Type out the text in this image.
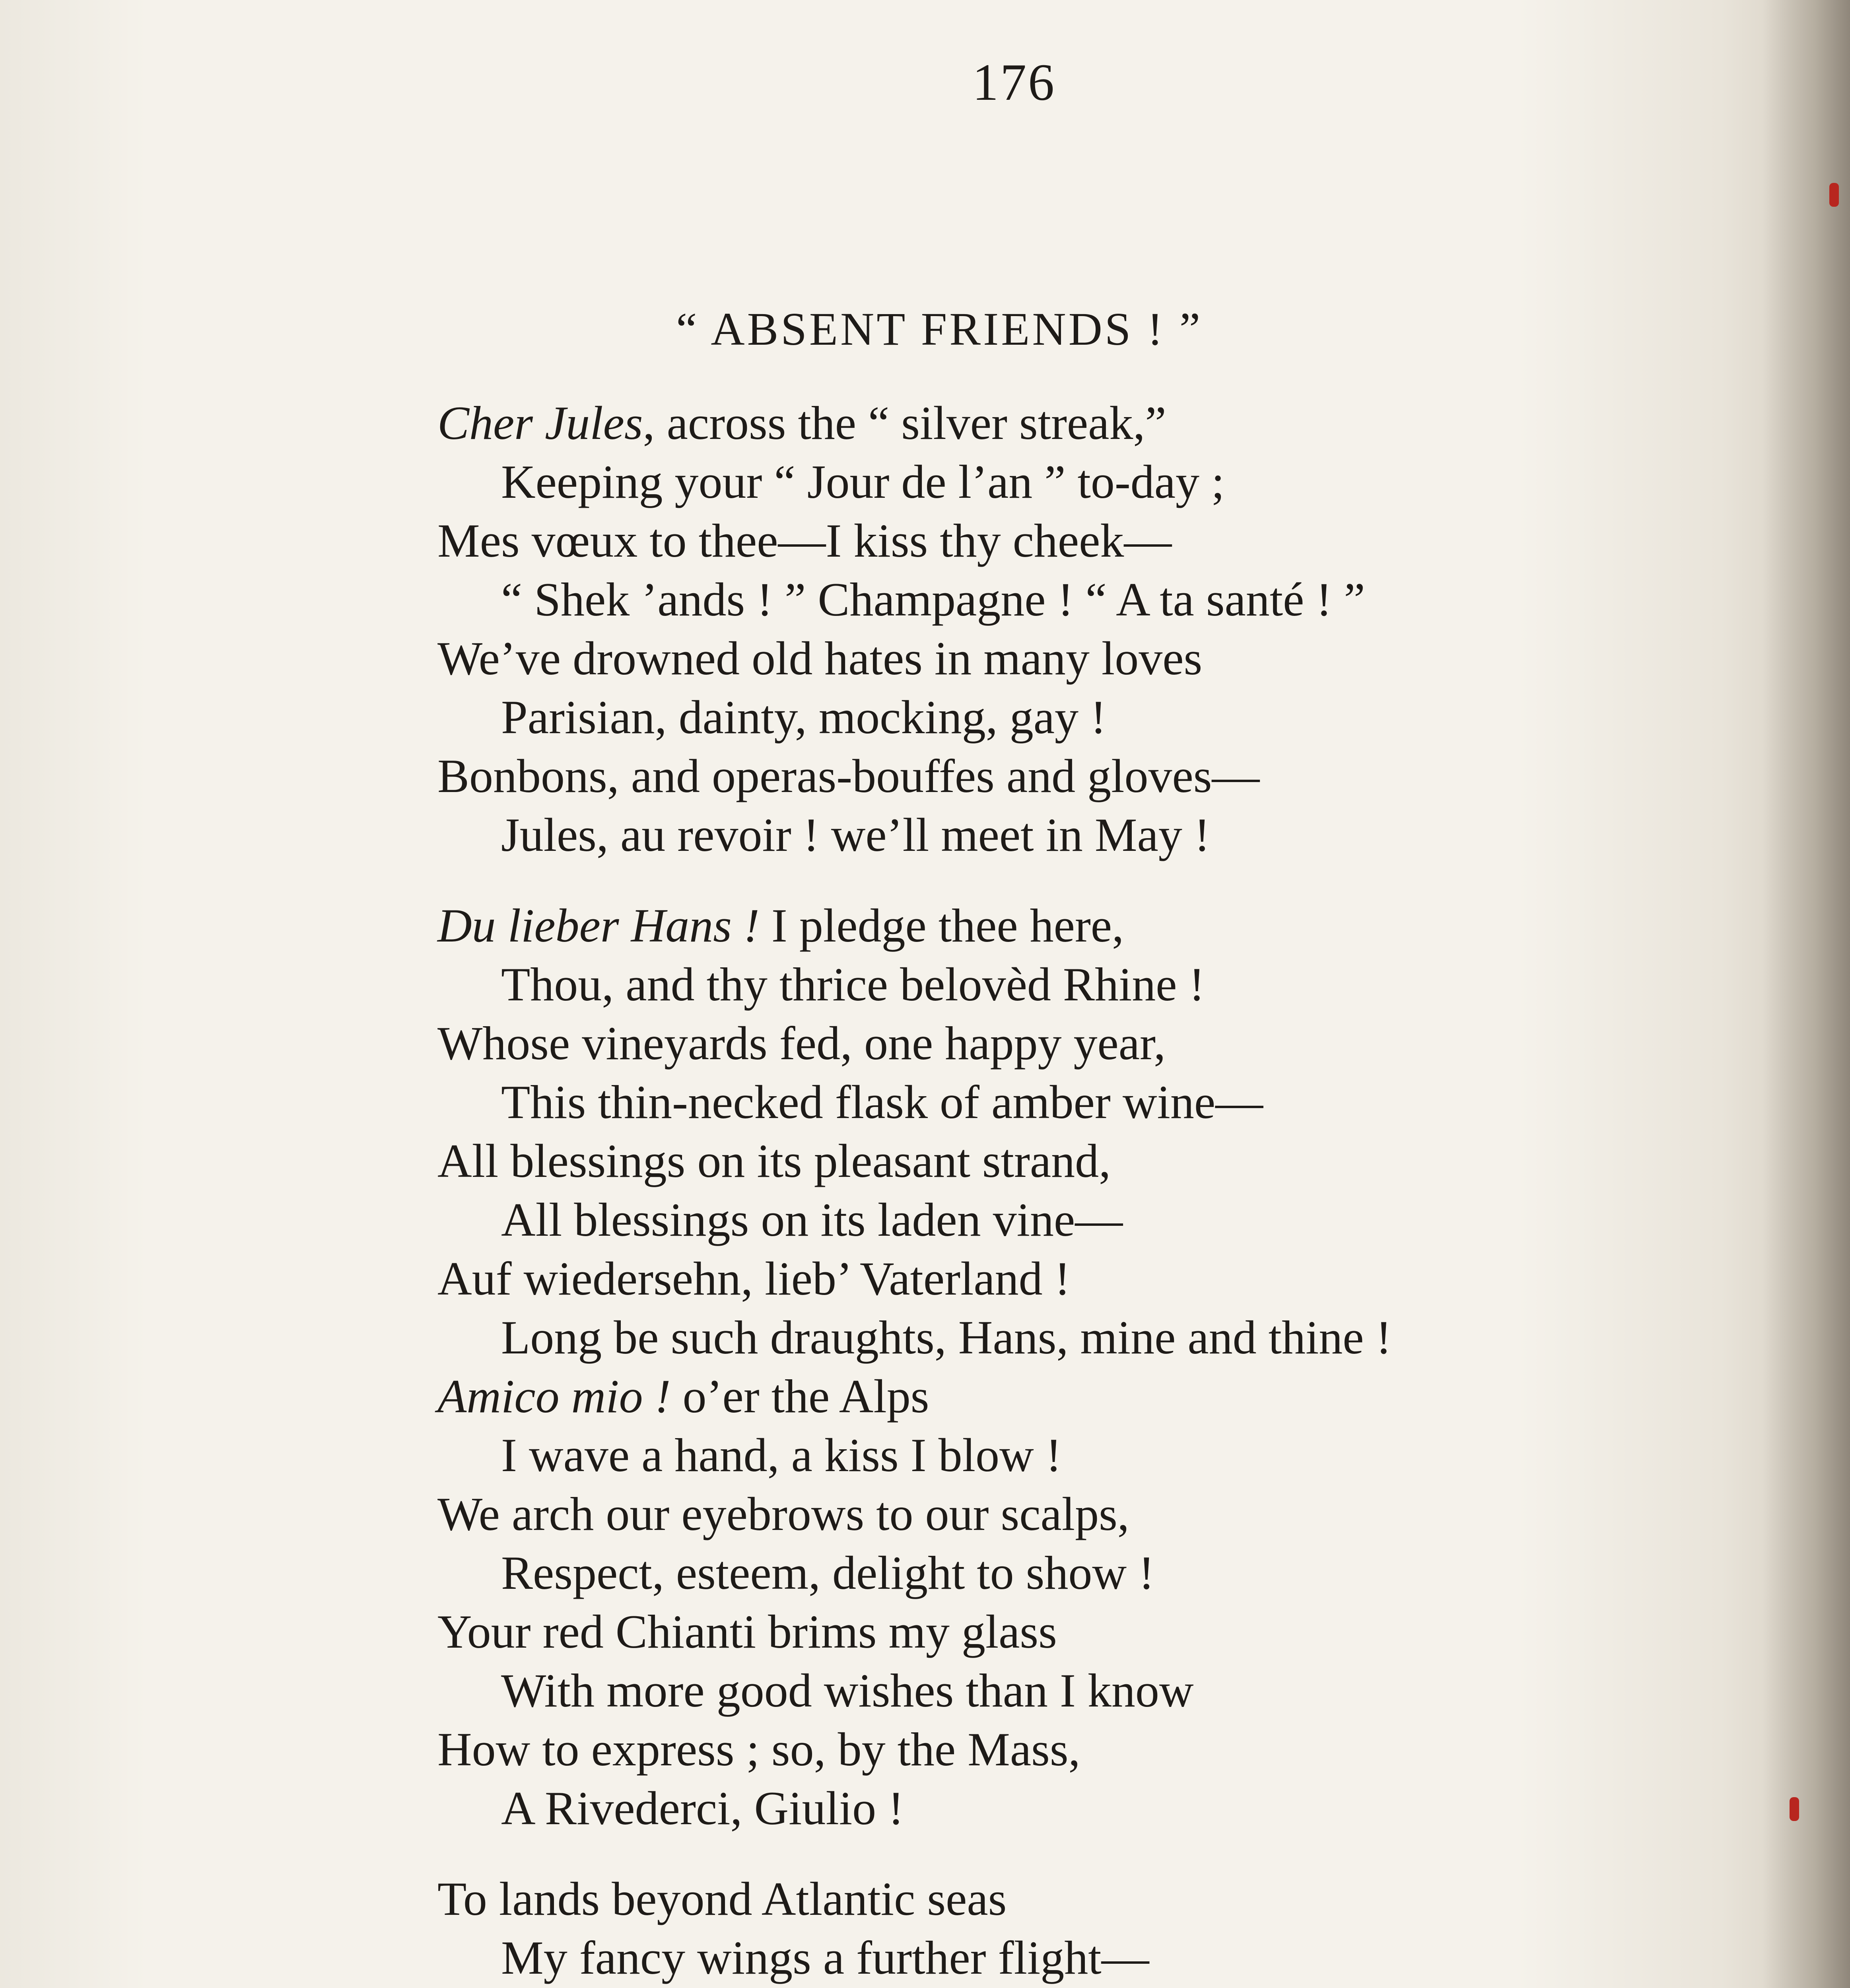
176
“ ABSENT FRIENDS ! ”
Cher Jules, across the “ silver streak,”
Keeping your “ Jour de l’an ” to-day ;
Mes vœux to thee—I kiss thy cheek—
“ Shek ’ands ! ” Champagne ! “ A ta santé ! ”
We’ve drowned old hates in many loves
Parisian, dainty, mocking, gay !
Bonbons, and operas-bouffes and gloves—
Jules, au revoir ! we’ll meet in May !
Du lieber Hans ! I pledge thee here,
Thou, and thy thrice belovèd Rhine !
Whose vineyards fed, one happy year,
This thin-necked flask of amber wine—
All blessings on its pleasant strand,
All blessings on its laden vine—
Auf wiedersehn, lieb’ Vaterland !
Long be such draughts, Hans, mine and thine !
Amico mio ! o’er the Alps
I wave a hand, a kiss I blow !
We arch our eyebrows to our scalps,
Respect, esteem, delight to show !
Your red Chianti brims my glass
With more good wishes than I know
How to express ; so, by the Mass,
A Rivederci, Giulio !
To lands beyond Atlantic seas
My fancy wings a further flight—
